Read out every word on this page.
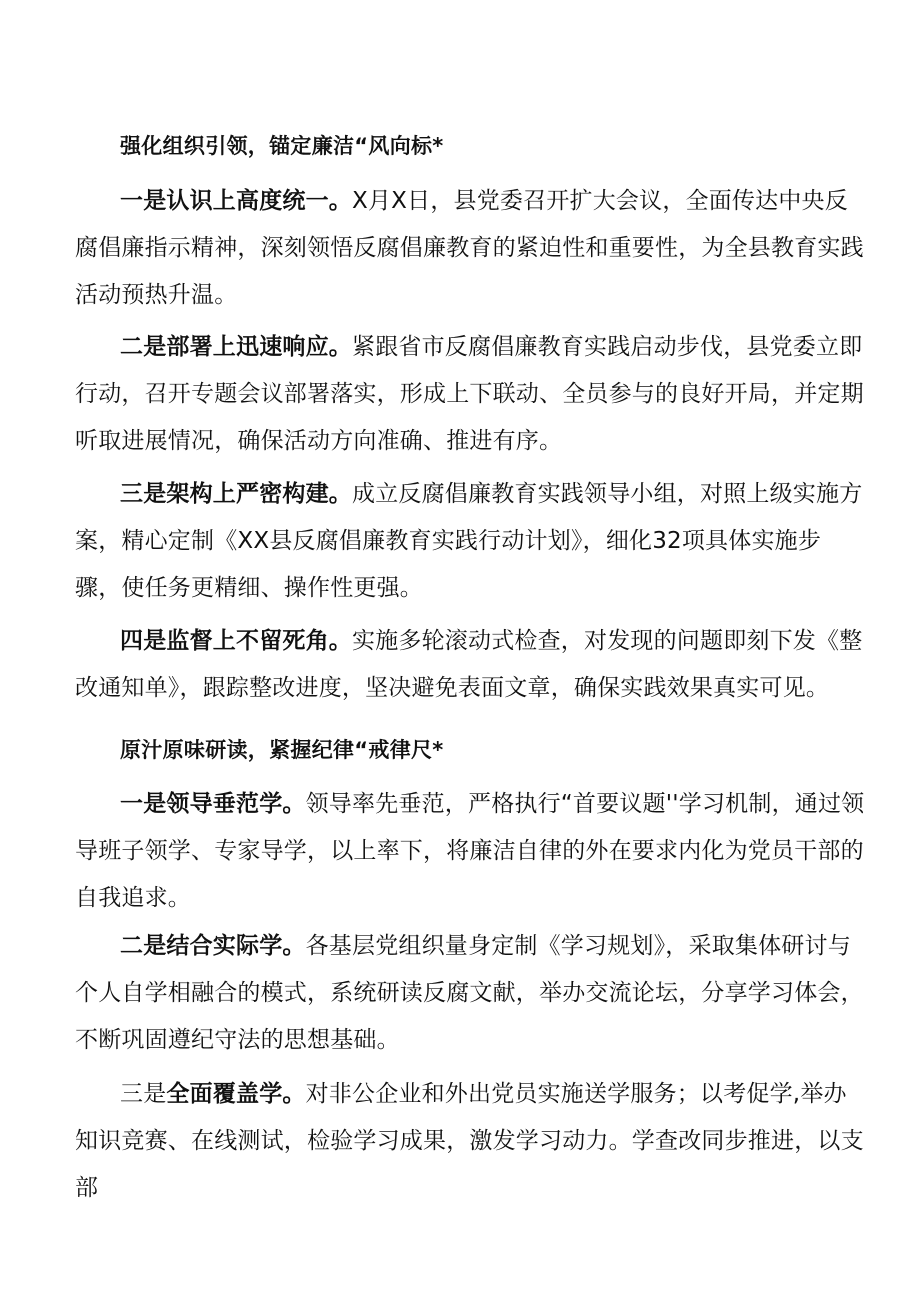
强化组织引领，锚定廉洁“风向标*

一是认识上高度统一。X月X日，县党委召开扩大会议，全面传达中央反腐倡廉指示精神，深刻领悟反腐倡廉教育的紧迫性和重要性，为全县教育实践活动预热升温。

二是部署上迅速响应。紧跟省市反腐倡廉教育实践启动步伐，县党委立即行动，召开专题会议部署落实，形成上下联动、全员参与的良好开局，并定期听取进展情况，确保活动方向准确、推进有序。

三是架构上严密构建。成立反腐倡廉教育实践领导小组，对照上级实施方案，精心定制《XX县反腐倡廉教育实践行动计划》，细化32项具体实施步骤，使任务更精细、操作性更强。

四是监督上不留死角。实施多轮滚动式检查，对发现的问题即刻下发《整改通知单》，跟踪整改进度，坚决避免表面文章，确保实践效果真实可见。

原汁原味研读，紧握纪律“戒律尺*

一是领导垂范学。领导率先垂范，严格执行“首要议题''学习机制，通过领导班子领学、专家导学，以上率下，将廉洁自律的外在要求内化为党员干部的自我追求。

二是结合实际学。各基层党组织量身定制《学习规划》，采取集体研讨与个人自学相融合的模式，系统研读反腐文献，举办交流论坛，分享学习体会，不断巩固遵纪守法的思想基础。

三是全面覆盖学。对非公企业和外出党员实施送学服务；以考促学,举办知识竞赛、在线测试，检验学习成果，激发学习动力。学查改同步推进，以支部
